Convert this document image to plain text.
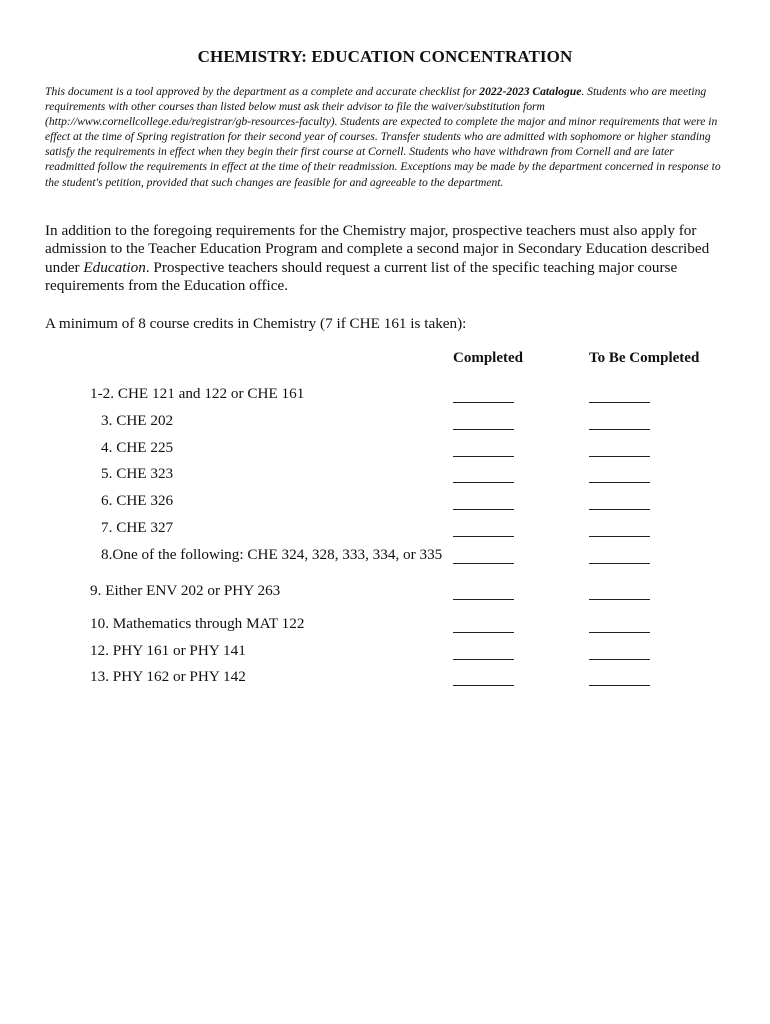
CHEMISTRY: EDUCATION CONCENTRATION

This document is a tool approved by the department as a complete and accurate checklist for 2022-2023 Catalogue. Students who are meeting requirements with other courses than listed below must ask their advisor to file the waiver/substitution form (http://www.cornellcollege.edu/registrar/gb-resources-faculty). Students are expected to complete the major and minor requirements that were in effect at the time of Spring registration for their second year of courses. Transfer students who are admitted with sophomore or higher standing satisfy the requirements in effect when they begin their first course at Cornell. Students who have withdrawn from Cornell and are later readmitted follow the requirements in effect at the time of their readmission. Exceptions may be made by the department concerned in response to the student's petition, provided that such changes are feasible for and agreeable to the department.

In addition to the foregoing requirements for the Chemistry major, prospective teachers must also apply for admission to the Teacher Education Program and complete a second major in Secondary Education described under Education. Prospective teachers should request a current list of the specific teaching major course requirements from the Education office.

A minimum of 8 course credits in Chemistry (7 if CHE 161 is taken):

Completed	To Be Completed
1-2. CHE 121 and 122 or CHE 161
3. CHE 202
4. CHE 225
5. CHE 323
6. CHE 326
7. CHE 327
8.One of the following: CHE 324, 328, 333, 334, or 335
9. Either ENV 202 or PHY 263
10. Mathematics through MAT 122
12. PHY 161 or PHY 141
13. PHY 162 or PHY 142
